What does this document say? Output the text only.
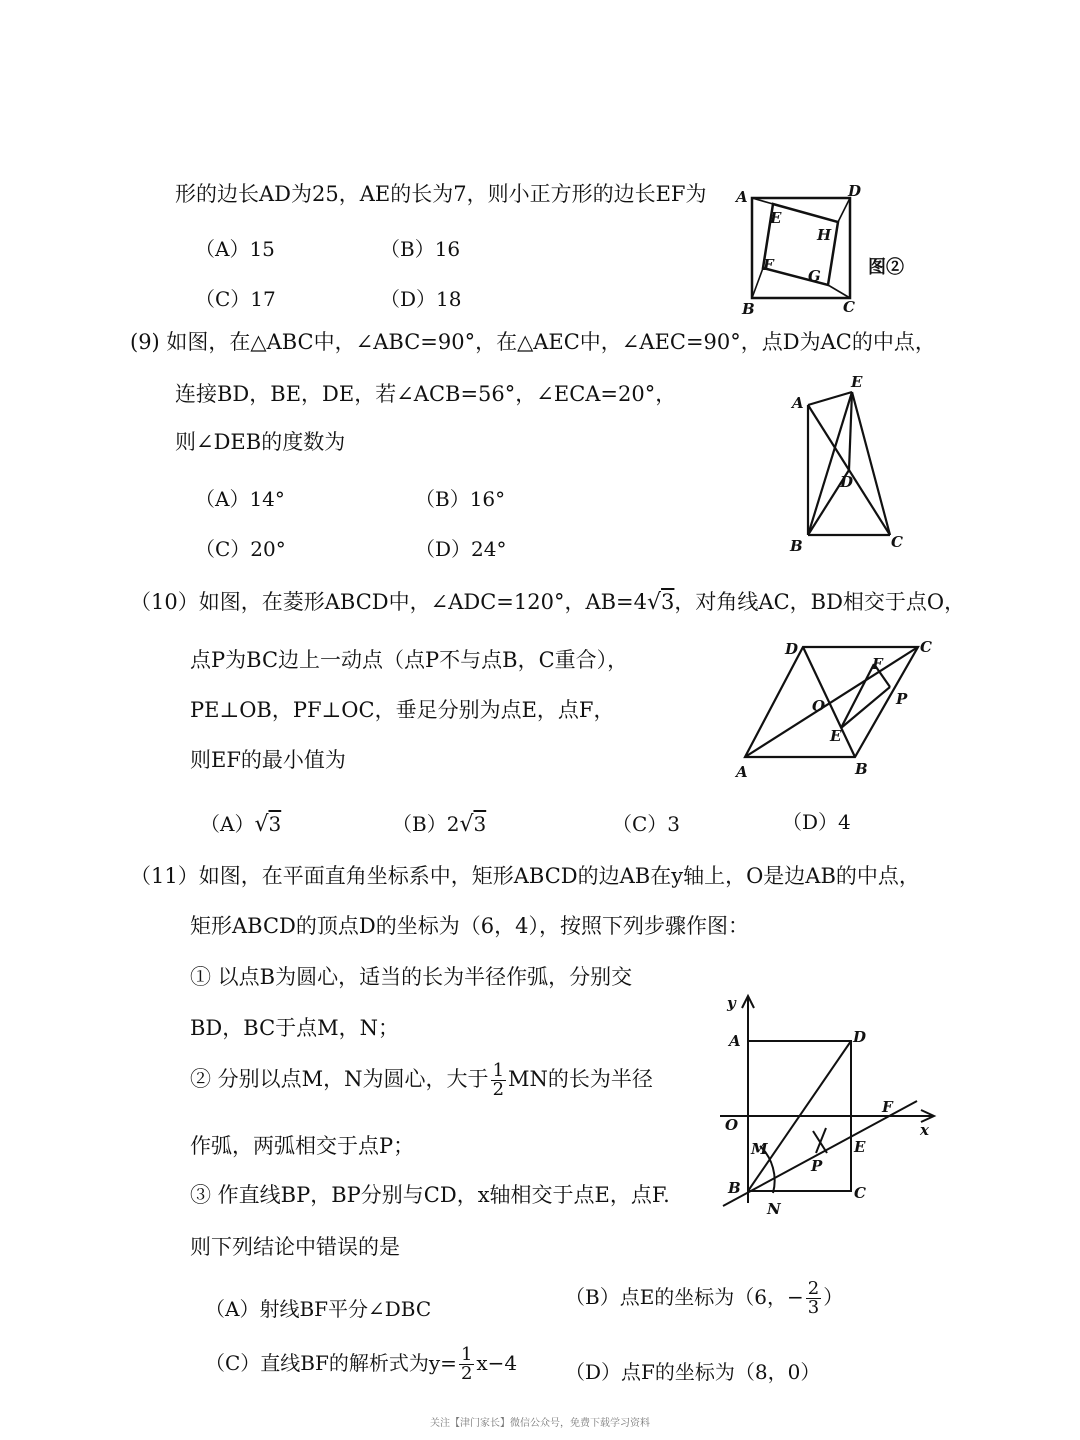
形的边长AD为25，AE的长为7，则小正方形的边长EF为
（A）15	（B）16
（C）17	（D）18
A	D
E
H
F
G
B	C
图②
(9) 如图，在△ABC中，∠ABC=90°，在△AEC中，∠AEC=90°，点D为AC的中点，
连接BD，BE，DE，若∠ACB=56°，∠ECA=20°，
则∠DEB的度数为
（A）14°	（B）16°
（C）20°	（D）24°
A
E
D
B	C
（10）如图，在菱形ABCD中，∠ADC=120°，AB=4√3，对角线AC，BD相交于点O，
点P为BC边上一动点（点P不与点B，C重合），
PE⊥OB，PF⊥OC，垂足分别为点E，点F，
则EF的最小值为
（A）√3	（B）2√3	（C）3	（D）4
D	C
F
O	P
E
A	B
（11）如图，在平面直角坐标系中，矩形ABCD的边AB在y轴上，O是边AB的中点，
矩形ABCD的顶点D的坐标为（6，4），按照下列步骤作图：
① 以点B为圆心，适当的长为半径作弧，分别交
BD，BC于点M，N；
② 分别以点M，N为圆心，大于 $\frac{1}{2}$ MN的长为半径
作弧，两弧相交于点P；
③ 作直线BP，BP分别与CD，x轴相交于点E，点F.
则下列结论中错误的是
（A）射线BF平分∠DBC	（B）点E的坐标为（6，− $\frac{2}{3}$ ）
（C）直线BF的解析式为$y= \frac{1}{2} x-4$ （D）点F的坐标为（8，0）
y
A	D
O
F
x
M	E
P
B	C
N
关注【津门家长】微信公众号，免费下载学习资料
